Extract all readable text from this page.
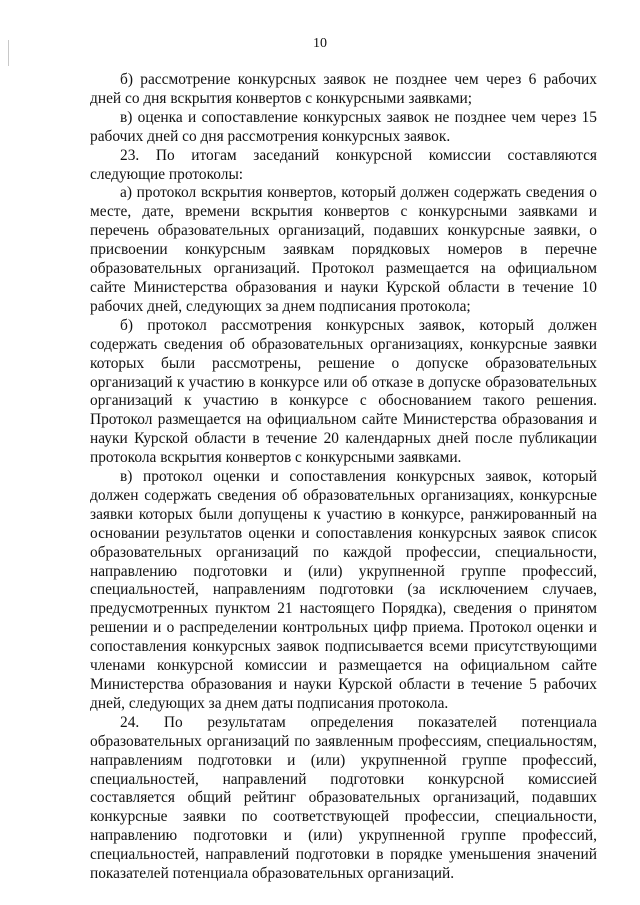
10

б) рассмотрение конкурсных заявок не позднее чем через 6 рабочих дней со дня вскрытия конвертов с конкурсными заявками;

в) оценка и сопоставление конкурсных заявок не позднее чем через 15 рабочих дней со дня рассмотрения конкурсных заявок.

23. По итогам заседаний конкурсной комиссии составляются следующие протоколы:

а) протокол вскрытия конвертов, который должен содержать сведения о месте, дате, времени вскрытия конвертов с конкурсными заявками и перечень образовательных организаций, подавших конкурсные заявки, о присвоении конкурсным заявкам порядковых номеров в перечне образовательных организаций. Протокол размещается на официальном сайте Министерства образования и науки Курской области в течение 10 рабочих дней, следующих за днем подписания протокола;

б) протокол рассмотрения конкурсных заявок, который должен содержать сведения об образовательных организациях, конкурсные заявки которых были рассмотрены, решение о допуске образовательных организаций к участию в конкурсе или об отказе в допуске образовательных организаций к участию в конкурсе с обоснованием такого решения. Протокол размещается на официальном сайте Министерства образования и науки Курской области в течение 20 календарных дней после публикации протокола вскрытия конвертов с конкурсными заявками.

в) протокол оценки и сопоставления конкурсных заявок, который должен содержать сведения об образовательных организациях, конкурсные заявки которых были допущены к участию в конкурсе, ранжированный на основании результатов оценки и сопоставления конкурсных заявок список образовательных организаций по каждой профессии, специальности, направлению подготовки и (или) укрупненной группе профессий, специальностей, направлениям подготовки (за исключением случаев, предусмотренных пунктом 21 настоящего Порядка), сведения о принятом решении и о распределении контрольных цифр приема. Протокол оценки и сопоставления конкурсных заявок подписывается всеми присутствующими членами конкурсной комиссии и размещается на официальном сайте Министерства образования и науки Курской области в течение 5 рабочих дней, следующих за днем даты подписания протокола.

24. По результатам определения показателей потенциала образовательных организаций по заявленным профессиям, специальностям, направлениям подготовки и (или) укрупненной группе профессий, специальностей, направлений подготовки конкурсной комиссией составляется общий рейтинг образовательных организаций, подавших конкурсные заявки по соответствующей профессии, специальности, направлению подготовки и (или) укрупненной группе профессий, специальностей, направлений подготовки в порядке уменьшения значений показателей потенциала образовательных организаций.
